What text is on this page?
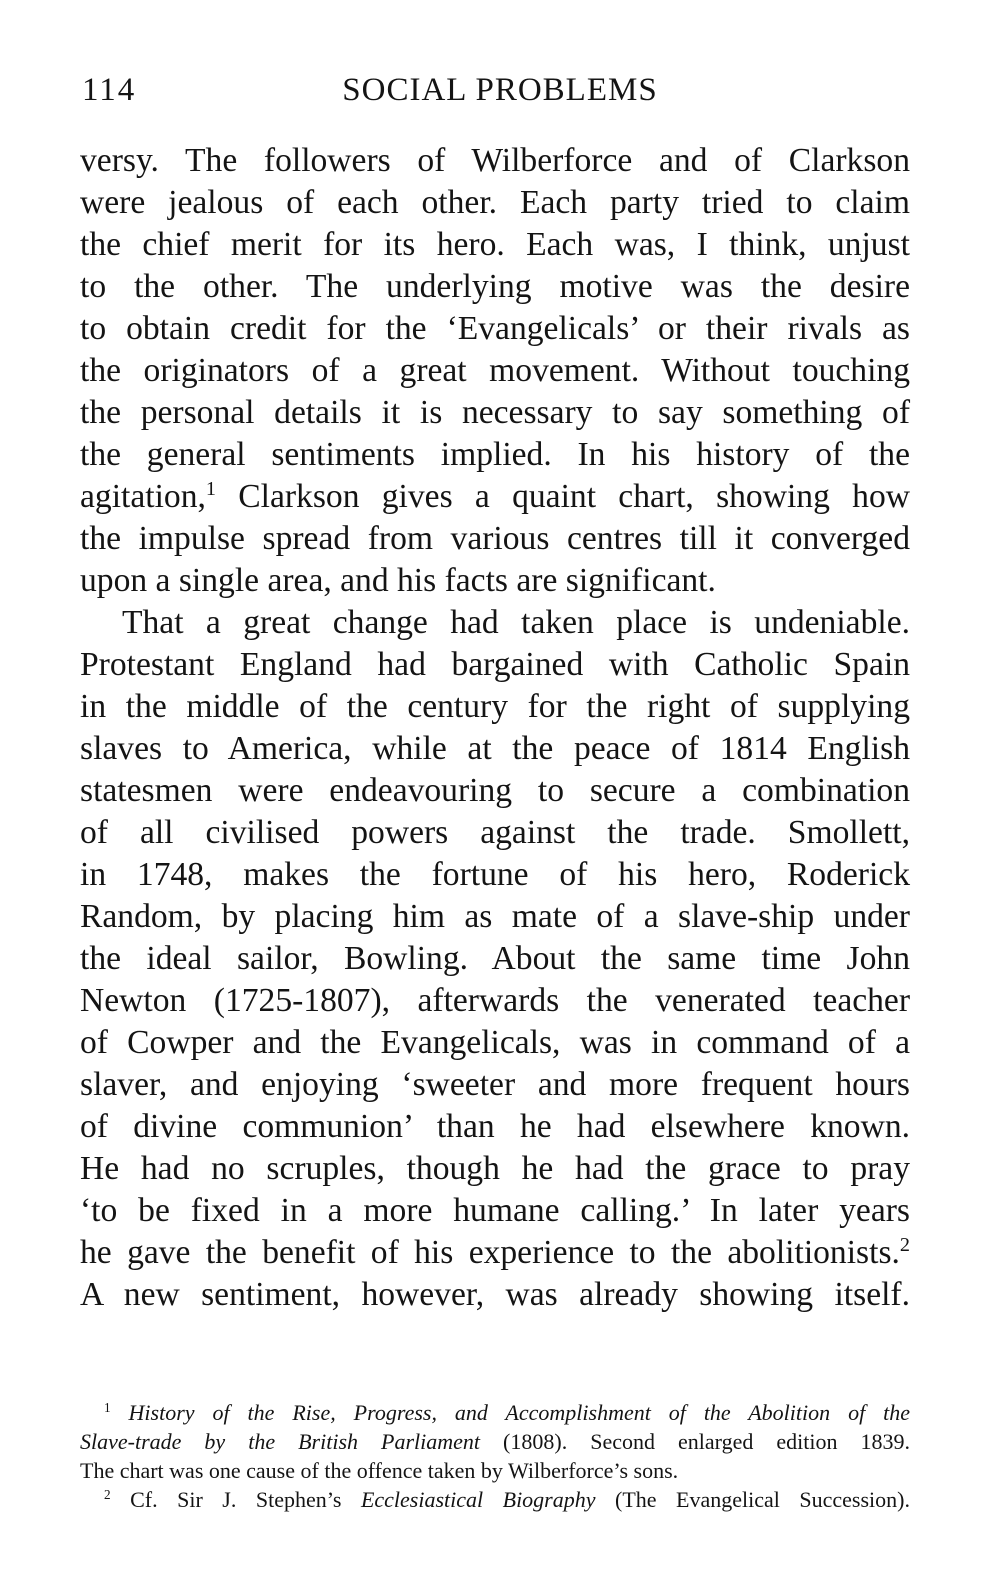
114	SOCIAL PROBLEMS
versy. The followers of Wilberforce and of Clarkson
were jealous of each other. Each party tried to claim
the chief merit for its hero. Each was, I think, unjust
to the other. The underlying motive was the desire
to obtain credit for the ‘Evangelicals’ or their rivals as
the originators of a great movement. Without touching
the personal details it is necessary to say something of
the general sentiments implied. In his history of the
agitation,$^1$ Clarkson gives a quaint chart, showing how
the impulse spread from various centres till it converged
upon a single area, and his facts are significant.
That a great change had taken place is undeniable.
Protestant England had bargained with Catholic Spain
in the middle of the century for the right of supplying
slaves to America, while at the peace of 1814 English
statesmen were endeavouring to secure a combination
of all civilised powers against the trade. Smollett,
in 1748, makes the fortune of his hero, Roderick
Random, by placing him as mate of a slave-ship under
the ideal sailor, Bowling. About the same time John
Newton (1725-1807), afterwards the venerated teacher
of Cowper and the Evangelicals, was in command of a
slaver, and enjoying ‘sweeter and more frequent hours
of divine communion’ than he had elsewhere known.
He had no scruples, though he had the grace to pray
‘to be fixed in a more humane calling.’ In later years
he gave the benefit of his experience to the abolitionists.$^2$
A new sentiment, however, was already showing itself.
$^1$ History of the Rise, Progress, and Accomplishment of the Abolition of the
Slave-trade by the British Parliament (1808). Second enlarged edition 1839.
The chart was one cause of the offence taken by Wilberforce’s sons.
$^2$ Cf. Sir J. Stephen’s Ecclesiastical Biography (The Evangelical Succession).
